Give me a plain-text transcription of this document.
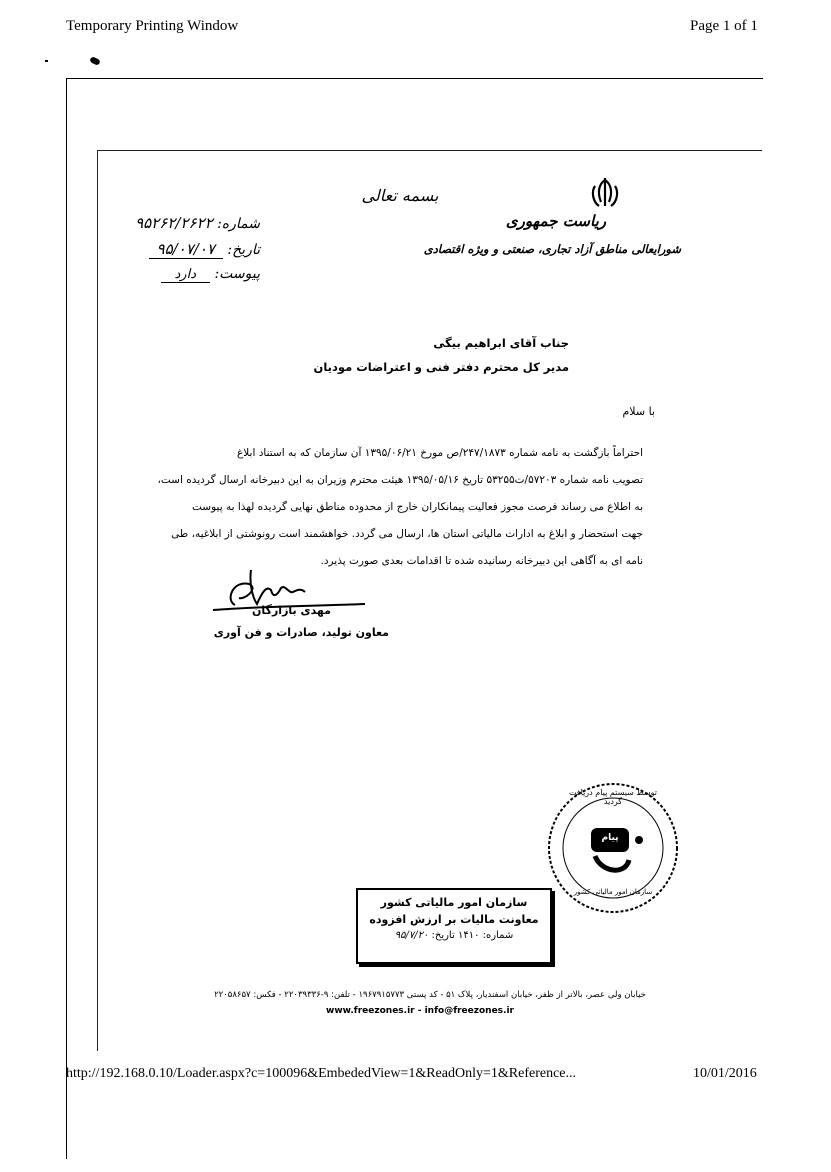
Temporary Printing Window	Page 1 of 1
بسمه تعالی
ریاست جمهوری
شورایعالی مناطق آزاد تجاری، صنعتی و ویژه اقتصادی
شماره: ۹۵۲۶۲/۲۶۲۲
تاریخ: ۹۵/۰۷/۰۷
پیوست: دارد
جناب آقای ابراهیم بیگی
مدیر کل محترم دفتر فنی و اعتراضات مودیان
با سلام
احتراماً بازگشت به نامه شماره ۲۴۷/۱۸۷۳/ص مورخ ۱۳۹۵/۰۶/۲۱ آن سازمان که به استناد ابلاغ
تصویب نامه شماره ۵۷۲۰۳/ت۵۳۲۵۵ تاریخ ۱۳۹۵/۰۵/۱۶ هیئت محترم وزیران به این دبیرخانه ارسال گردیده است،
به اطلاع می رساند فرصت مجوز فعالیت پیمانکاران خارج از محدوده مناطق نهایی گردیده لهذا به پیوست
جهت استحضار و ابلاغ به ادارات مالیاتی استان ها، ارسال می گردد. خواهشمند است رونوشتی از ابلاغیه، طی
نامه ای به آگاهی این دبیرخانه رسانیده شده تا اقدامات بعدی صورت پذیرد.
مهدی بازارگان
معاون تولید، صادرات و فن آوری
توسط سیستم پیام دریافت گردید
سازمان امور مالیاتی کشور
پیام
سازمان امور مالیاتی کشور
معاونت مالیات بر ارزش افزوده
شماره: ۱۴۱۰ تاریخ: ۹۵/۷/۲۰
خیابان ولی عصر، بالاتر از ظفر، خیابان اسفندیار، پلاک ۵۱ - کد پستی ۱۹۶۷۹۱۵۷۷۳ - تلفن: ۹-۲۲۰۳۹۳۳۶ - فکس: ۲۲۰۵۸۶۵۷
www.freezones.ir - info@freezones.ir
http://192.168.0.10/Loader.aspx?c=100096&EmbededView=1&ReadOnly=1&Reference...	10/01/2016
